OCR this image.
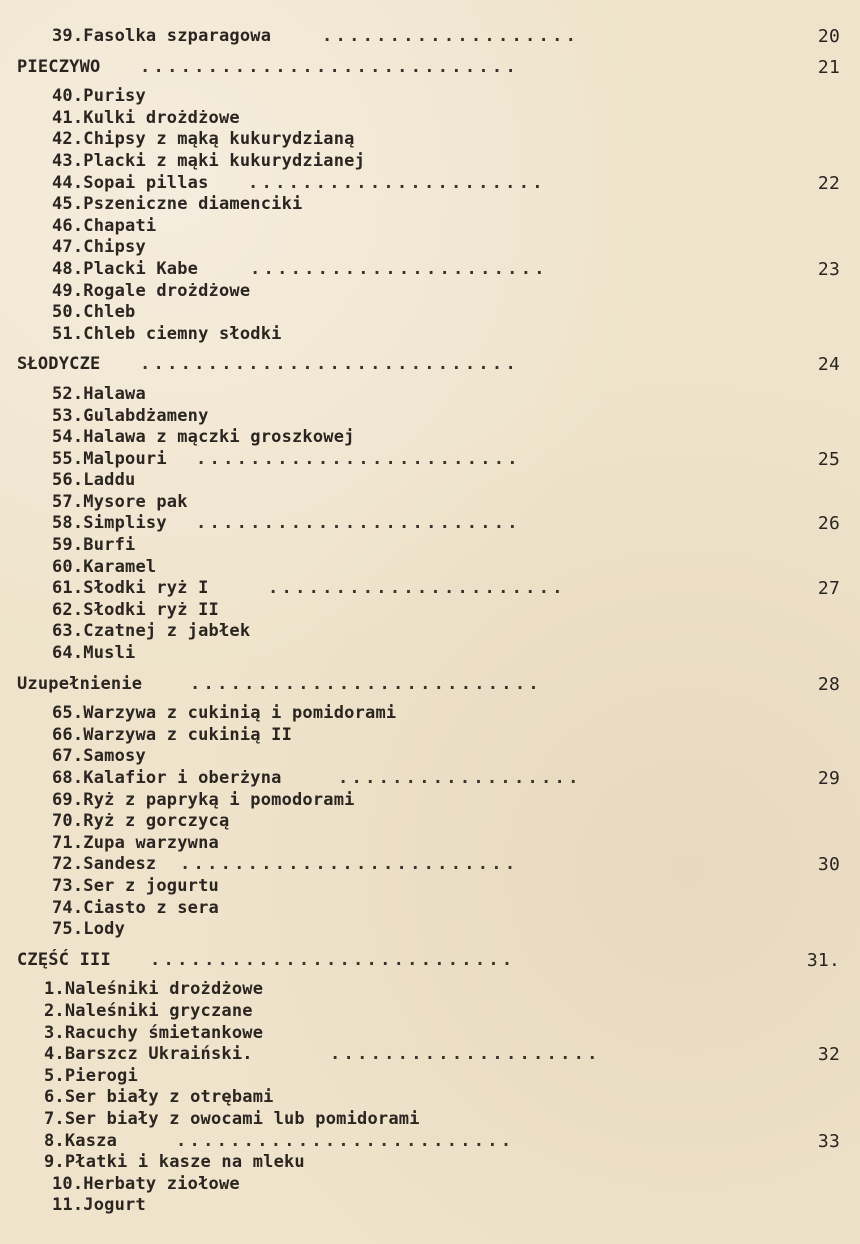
39.Fasolka szparagowa	...................	20
PIECZYWO ............................	21
40.Purisy
41.Kulki drożdżowe
42.Chipsy z mąką kukurydzianą
43.Placki z mąki kukurydzianej
44.Sopai pillas ......................	22
45.Pszeniczne diamenciki
46.Chapati
47.Chipsy
48.Placki Kabe	......................	23
49.Rogale drożdżowe
50.Chleb
51.Chleb ciemny słodki
SŁODYCZE ............................	24
52.Halawa
53.Gulabdżameny
54.Halawa z mączki groszkowej
55.Malpouri ........................	25
56.Laddu
57.Mysore pak
58.Simplisy ........................	26
59.Burfi
60.Karamel
61.Słodki ryż I	......................	27
62.Słodki ryż II
63.Czatnej z jabłek
64.Musli
Uzupełnienie	..........................	28
65.Warzywa z cukinią i pomidorami
66.Warzywa z cukinią II
67.Samosy
68.Kalafior i oberżyna	..................	29
69.Ryż z papryką i pomodorami
70.Ryż z gorczycą
71.Zupa warzywna
72.Sandesz .........................	30
73.Ser z jogurtu
74.Ciasto z sera
75.Lody
CZĘŚĆ III ...........................	31.
1.Naleśniki drożdżowe
2.Naleśniki gryczane
3.Racuchy śmietankowe
4.Barszcz Ukraiński.	....................	32
5.Pierogi
6.Ser biały z otrębami
7.Ser biały z owocami lub pomidorami
8.Kasza	.........................	33
9.Płatki i kasze na mleku
10.Herbaty ziołowe
11.Jogurt
